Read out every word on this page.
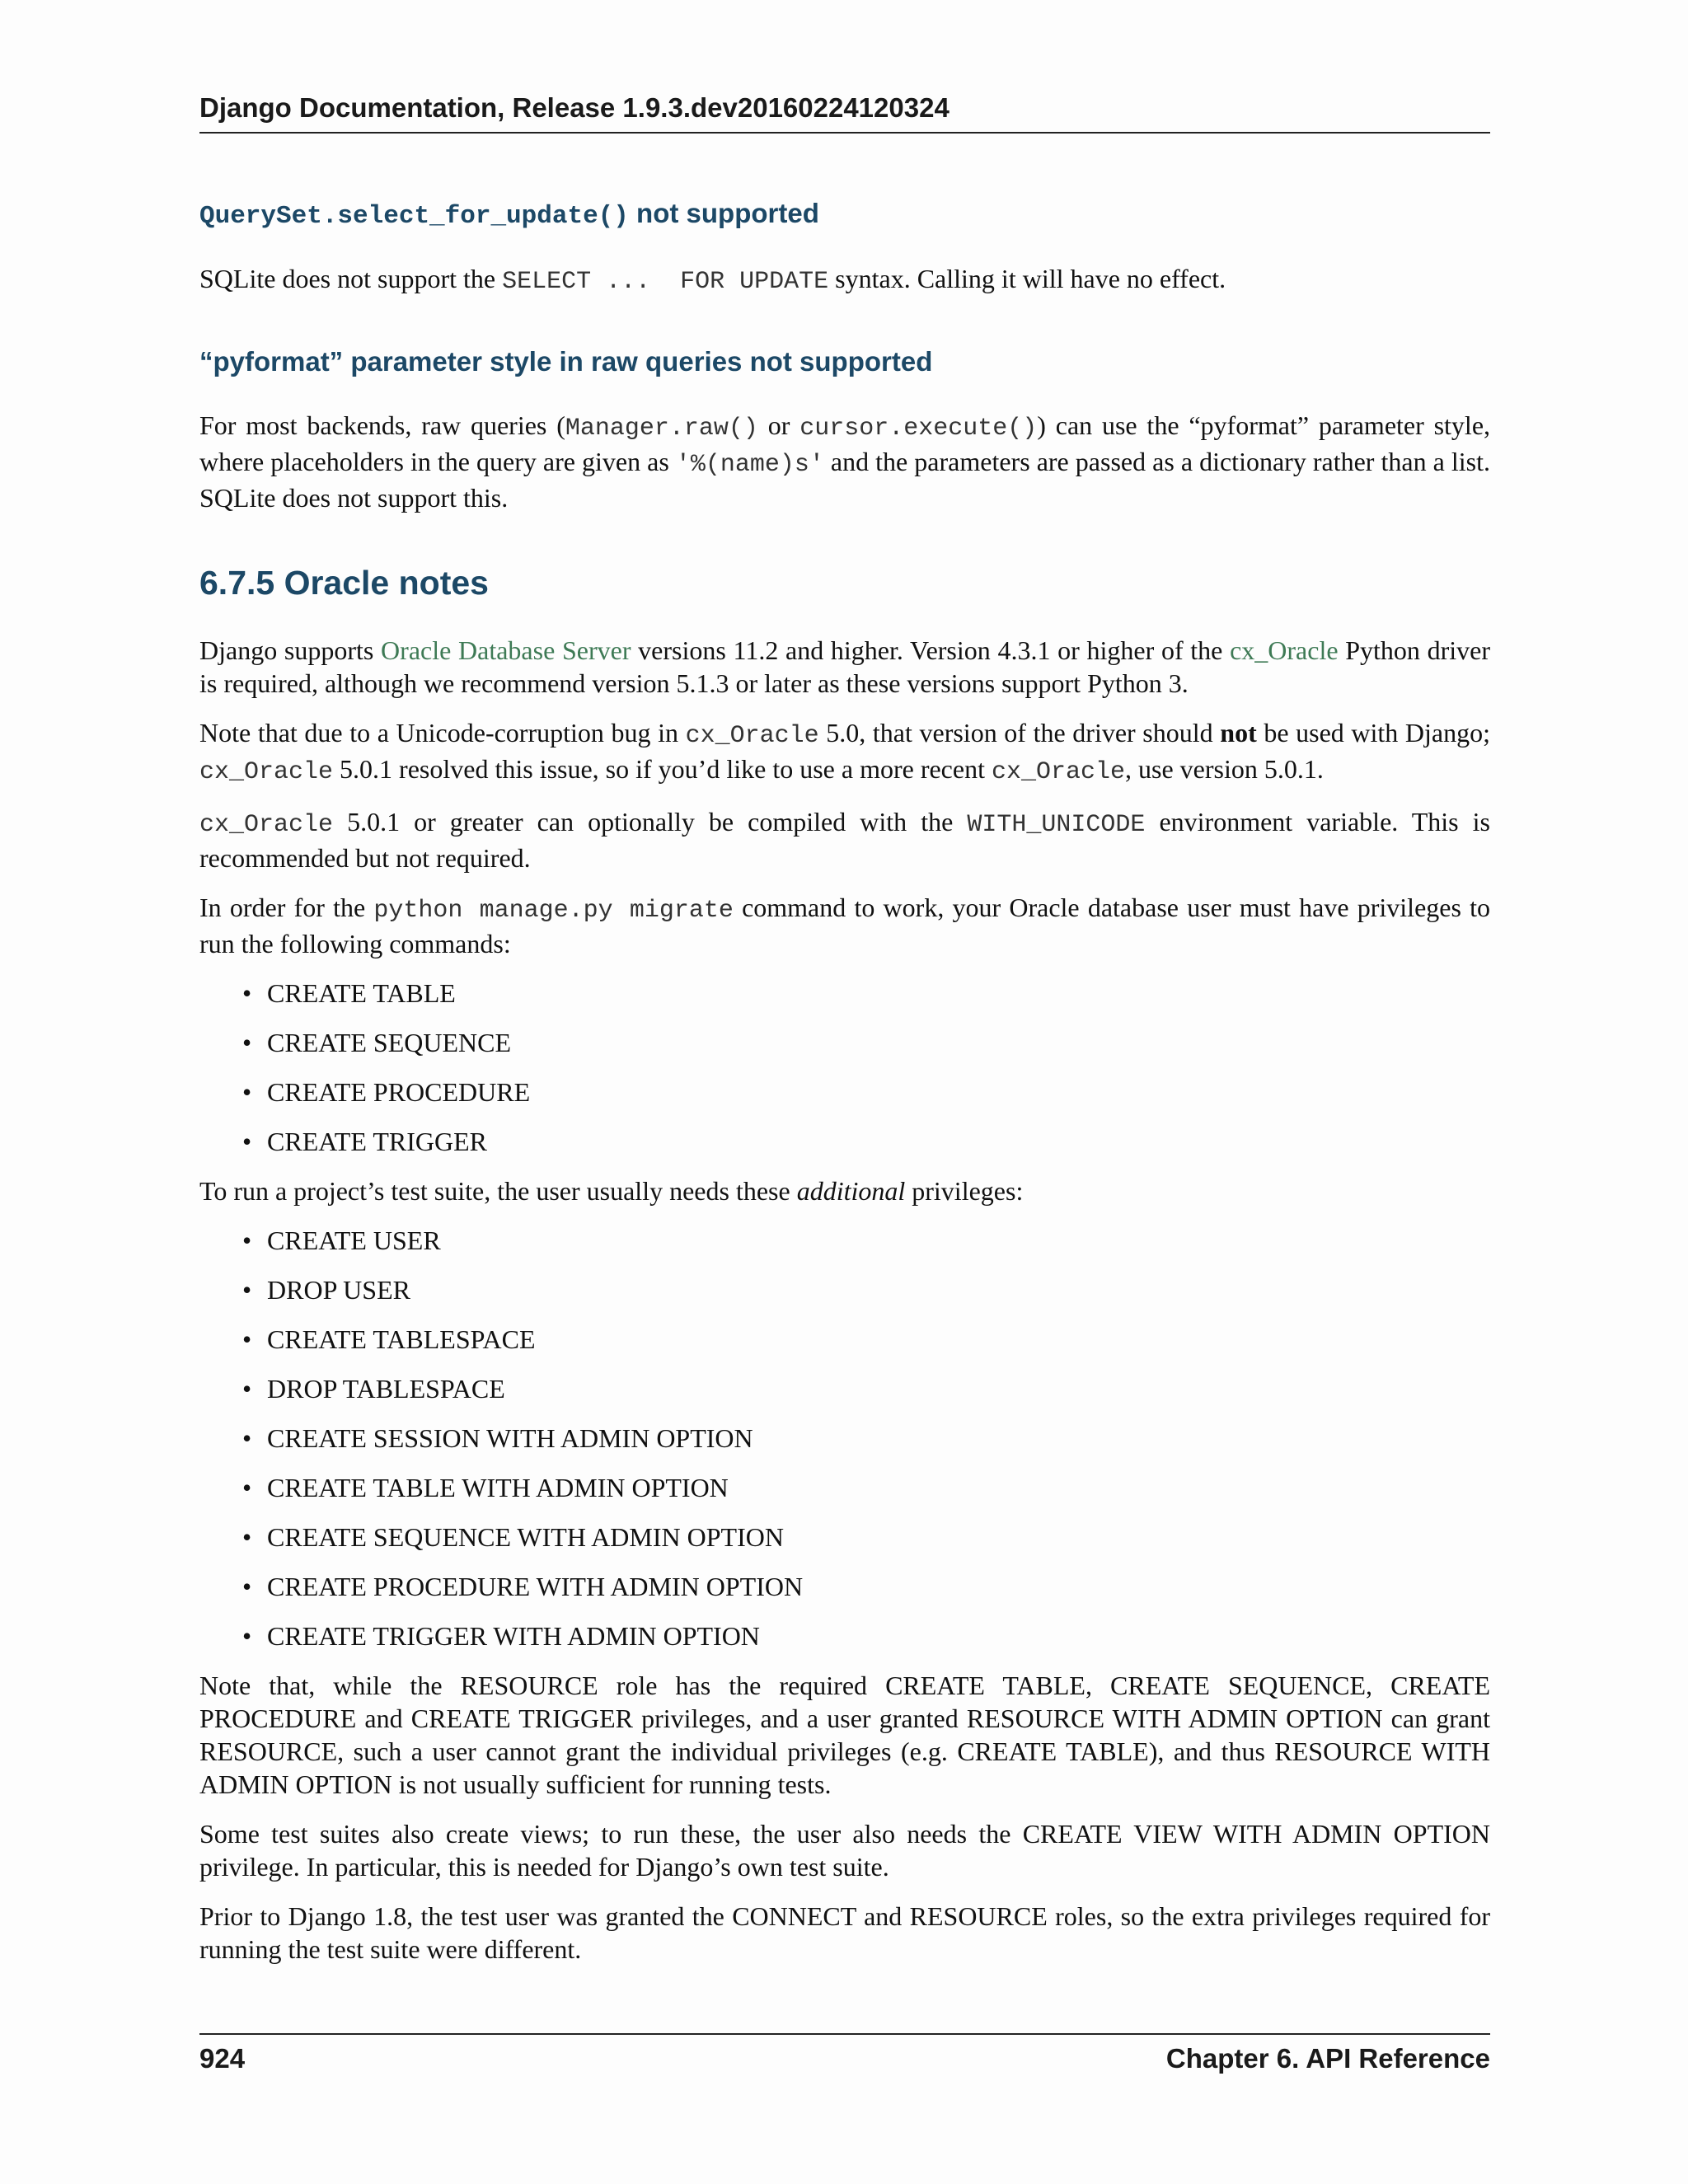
Django Documentation, Release 1.9.3.dev20160224120324
QuerySet.select_for_update() not supported

SQLite does not support the SELECT ...  FOR UPDATE syntax. Calling it will have no effect.

“pyformat” parameter style in raw queries not supported

For most backends, raw queries (Manager.raw() or cursor.execute()) can use the “pyformat” parameter style, where placeholders in the query are given as '%(name)s' and the parameters are passed as a dictionary rather than a list. SQLite does not support this.

6.7.5 Oracle notes

Django supports Oracle Database Server versions 11.2 and higher. Version 4.3.1 or higher of the cx_Oracle Python driver is required, although we recommend version 5.1.3 or later as these versions support Python 3.

Note that due to a Unicode-corruption bug in cx_Oracle 5.0, that version of the driver should not be used with Django; cx_Oracle 5.0.1 resolved this issue, so if you’d like to use a more recent cx_Oracle, use version 5.0.1.

cx_Oracle 5.0.1 or greater can optionally be compiled with the WITH_UNICODE environment variable. This is recommended but not required.

In order for the python manage.py migrate command to work, your Oracle database user must have privileges to run the following commands:

• CREATE TABLE
• CREATE SEQUENCE
• CREATE PROCEDURE
• CREATE TRIGGER

To run a project’s test suite, the user usually needs these additional privileges:

• CREATE USER
• DROP USER
• CREATE TABLESPACE
• DROP TABLESPACE
• CREATE SESSION WITH ADMIN OPTION
• CREATE TABLE WITH ADMIN OPTION
• CREATE SEQUENCE WITH ADMIN OPTION
• CREATE PROCEDURE WITH ADMIN OPTION
• CREATE TRIGGER WITH ADMIN OPTION

Note that, while the RESOURCE role has the required CREATE TABLE, CREATE SEQUENCE, CREATE PROCEDURE and CREATE TRIGGER privileges, and a user granted RESOURCE WITH ADMIN OPTION can grant RESOURCE, such a user cannot grant the individual privileges (e.g. CREATE TABLE), and thus RESOURCE WITH ADMIN OPTION is not usually sufficient for running tests.

Some test suites also create views; to run these, the user also needs the CREATE VIEW WITH ADMIN OPTION privilege. In particular, this is needed for Django’s own test suite.

Prior to Django 1.8, the test user was granted the CONNECT and RESOURCE roles, so the extra privileges required for running the test suite were different.

924	Chapter 6. API Reference
